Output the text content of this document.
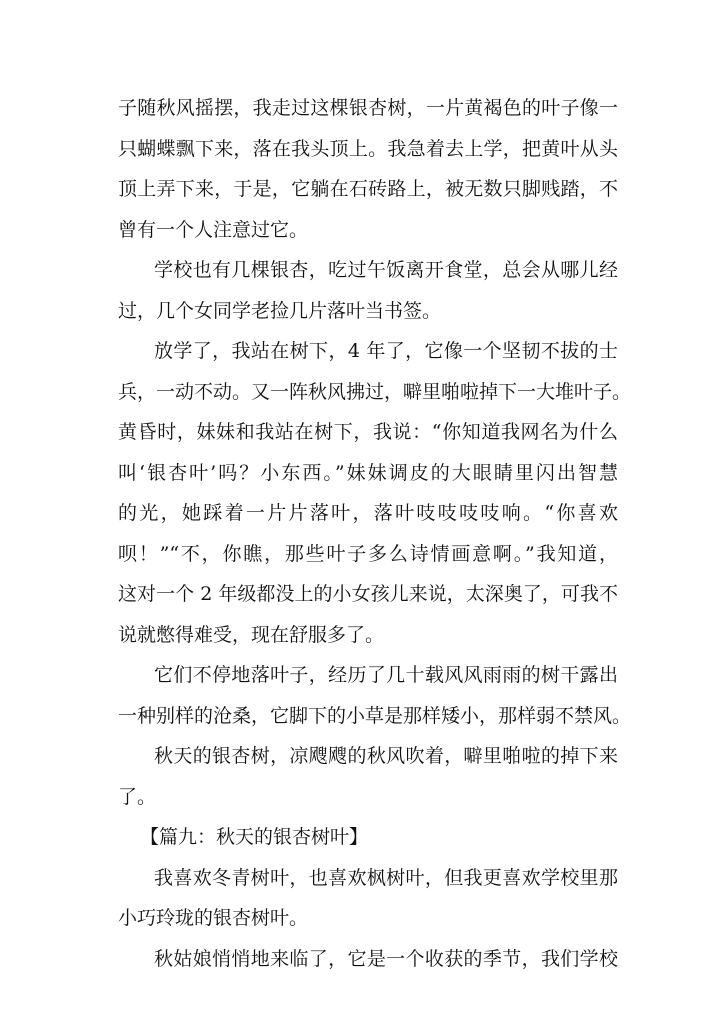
子随秋风摇摆，我走过这棵银杏树，一片黄褐色的叶子像一
只蝴蝶飘下来，落在我头顶上。我急着去上学，把黄叶从头
顶上弄下来，于是，它躺在石砖路上，被无数只脚贱踏，不
曾有一个人注意过它。
学校也有几棵银杏，吃过午饭离开食堂，总会从哪儿经
过，几个女同学老捡几片落叶当书签。
放学了，我站在树下，4 年了，它像一个坚韧不拔的士
兵，一动不动。又一阵秋风拂过，噼里啪啦掉下一大堆叶子。
黄昏时，妹妹和我站在树下，我说：“你知道我网名为什么
叫‘银杏叶’吗？小东西。”妹妹调皮的大眼睛里闪出智慧
的光，她踩着一片片落叶，落叶吱吱吱吱响。“你喜欢
呗！”“不，你瞧，那些叶子多么诗情画意啊。”我知道，
这对一个 2 年级都没上的小女孩儿来说，太深奥了，可我不
说就憋得难受，现在舒服多了。
它们不停地落叶子，经历了几十载风风雨雨的树干露出
一种别样的沧桑，它脚下的小草是那样矮小，那样弱不禁风。
秋天的银杏树，凉飕飕的秋风吹着，噼里啪啦的掉下来
了。
【篇九：秋天的银杏树叶】
我喜欢冬青树叶，也喜欢枫树叶，但我更喜欢学校里那
小巧玲珑的银杏树叶。
秋姑娘悄悄地来临了，它是一个收获的季节，我们学校
